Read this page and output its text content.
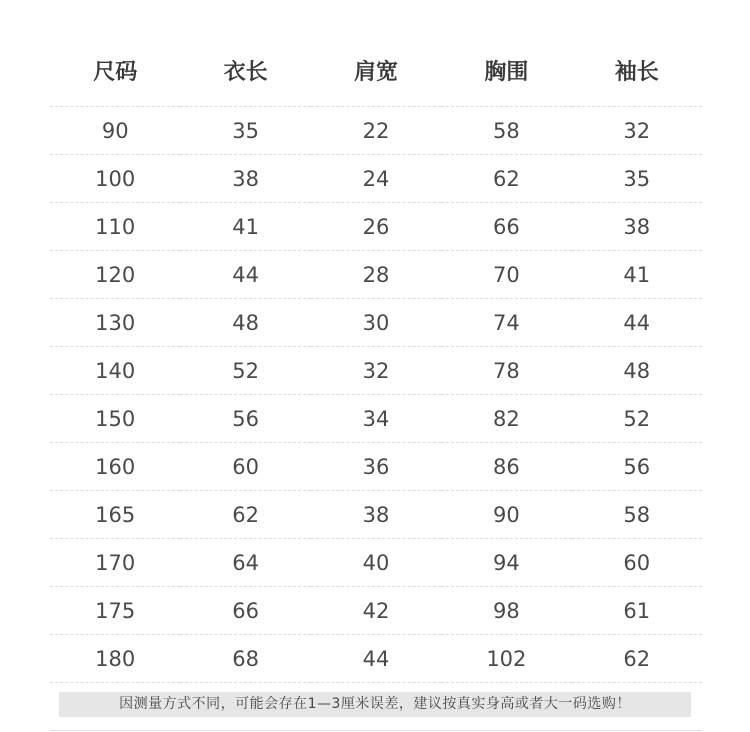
尺码	衣长	肩宽	胸围	袖长
90	35	22	58	32
100	38	24	62	35
110	41	26	66	38
120	44	28	70	41
130	48	30	74	44
140	52	32	78	48
150	56	34	82	52
160	60	36	86	56
165	62	38	90	58
170	64	40	94	60
175	66	42	98	61
180	68	44	102	62
因测量方式不同，可能会存在1—3厘米误差，建议按真实身高或者大一码选购！
